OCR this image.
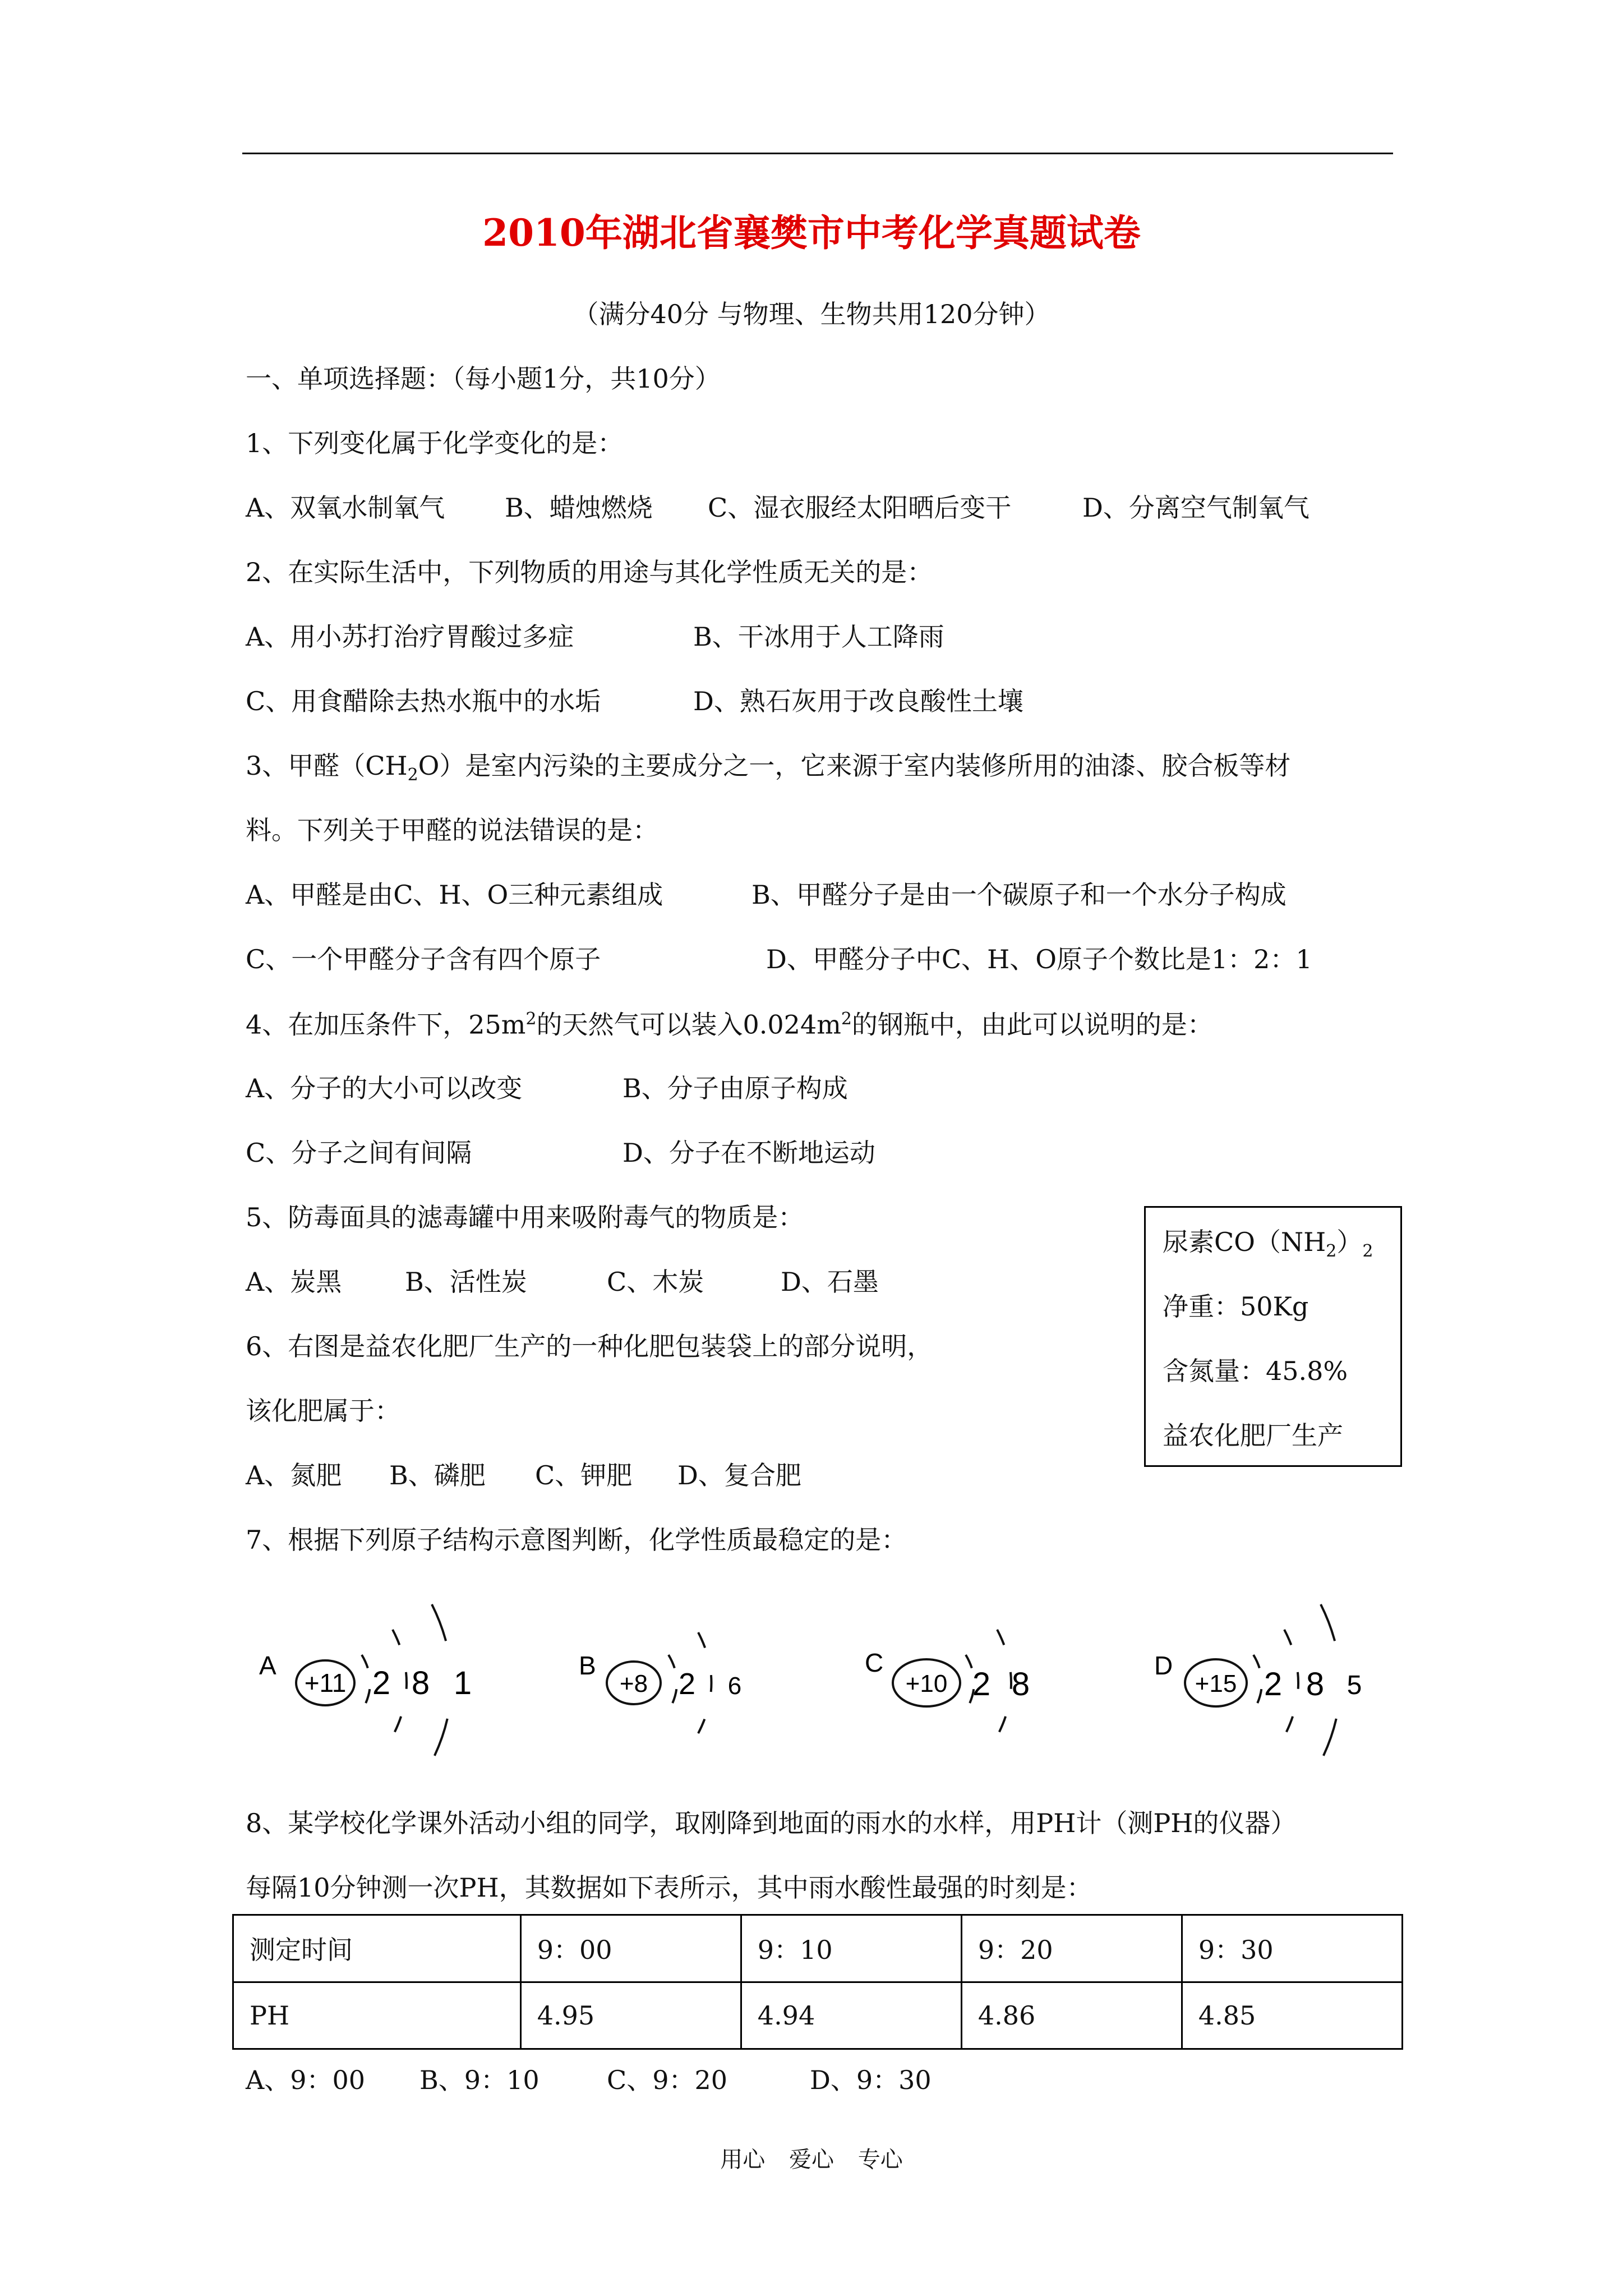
2010年湖北省襄樊市中考化学真题试卷
（满分40分 与物理、生物共用120分钟）
一、单项选择题：（每小题1分，共10分）
1、下列变化属于化学变化的是：
A、双氧水制氧气 B、蜡烛燃烧 C、湿衣服经太阳晒后变干	D、分离空气制氧气
2、在实际生活中，下列物质的用途与其化学性质无关的是：
A、用小苏打治疗胃酸过多症	B、干冰用于人工降雨
C、用食醋除去热水瓶中的水垢	D、熟石灰用于改良酸性土壤
3、甲醛$(CH_2O)$是室内污染的主要成分之一，它来源于室内装修所用的油漆、胶合板等材
料。下列关于甲醛的说法错误的是：
A、甲醛是由C、H、O三种元素组成	B、甲醛分子是由一个碳原子和一个水分子构成
C、一个甲醛分子含有四个原子	D、甲醛分子中C、H、O原子个数比是1：2：1
4、在加压条件下，$25m^2$的天然气可以装入$0.024m^2$的钢瓶中，由此可以说明的是：
A、分子的大小可以改变	B、分子由原子构成
C、分子之间有间隔	D、分子在不断地运动
5、防毒面具的滤毒罐中用来吸附毒气的物质是：
A、炭黑 B、活性炭	C、木炭	D、石墨
6、右图是益农化肥厂生产的一种化肥包装袋上的部分说明，
该化肥属于：
A、氮肥 B、磷肥 C、钾肥 D、复合肥
尿素$CO(NH_2)_2$
净重：50Kg
含氮量：45.8%
益农化肥厂生产
7、根据下列原子结构示意图判断，化学性质最稳定的是：
A
+11 2 8 1	B
+8 2 6
C
+10 2 8
D
+15 2 8 5
8、某学校化学课外活动小组的同学，取刚降到地面的雨水的水样，用PH计（测PH的仪器）
每隔10分钟测一次PH，其数据如下表所示，其中雨水酸性最强的时刻是：
测定时间	9：00	9：10	9：20	9：30
PH	4.95	4.94	4.86	4.85
A、9：00 B、9：10	C、9：20	D、9：30
用心 爱心 专心
